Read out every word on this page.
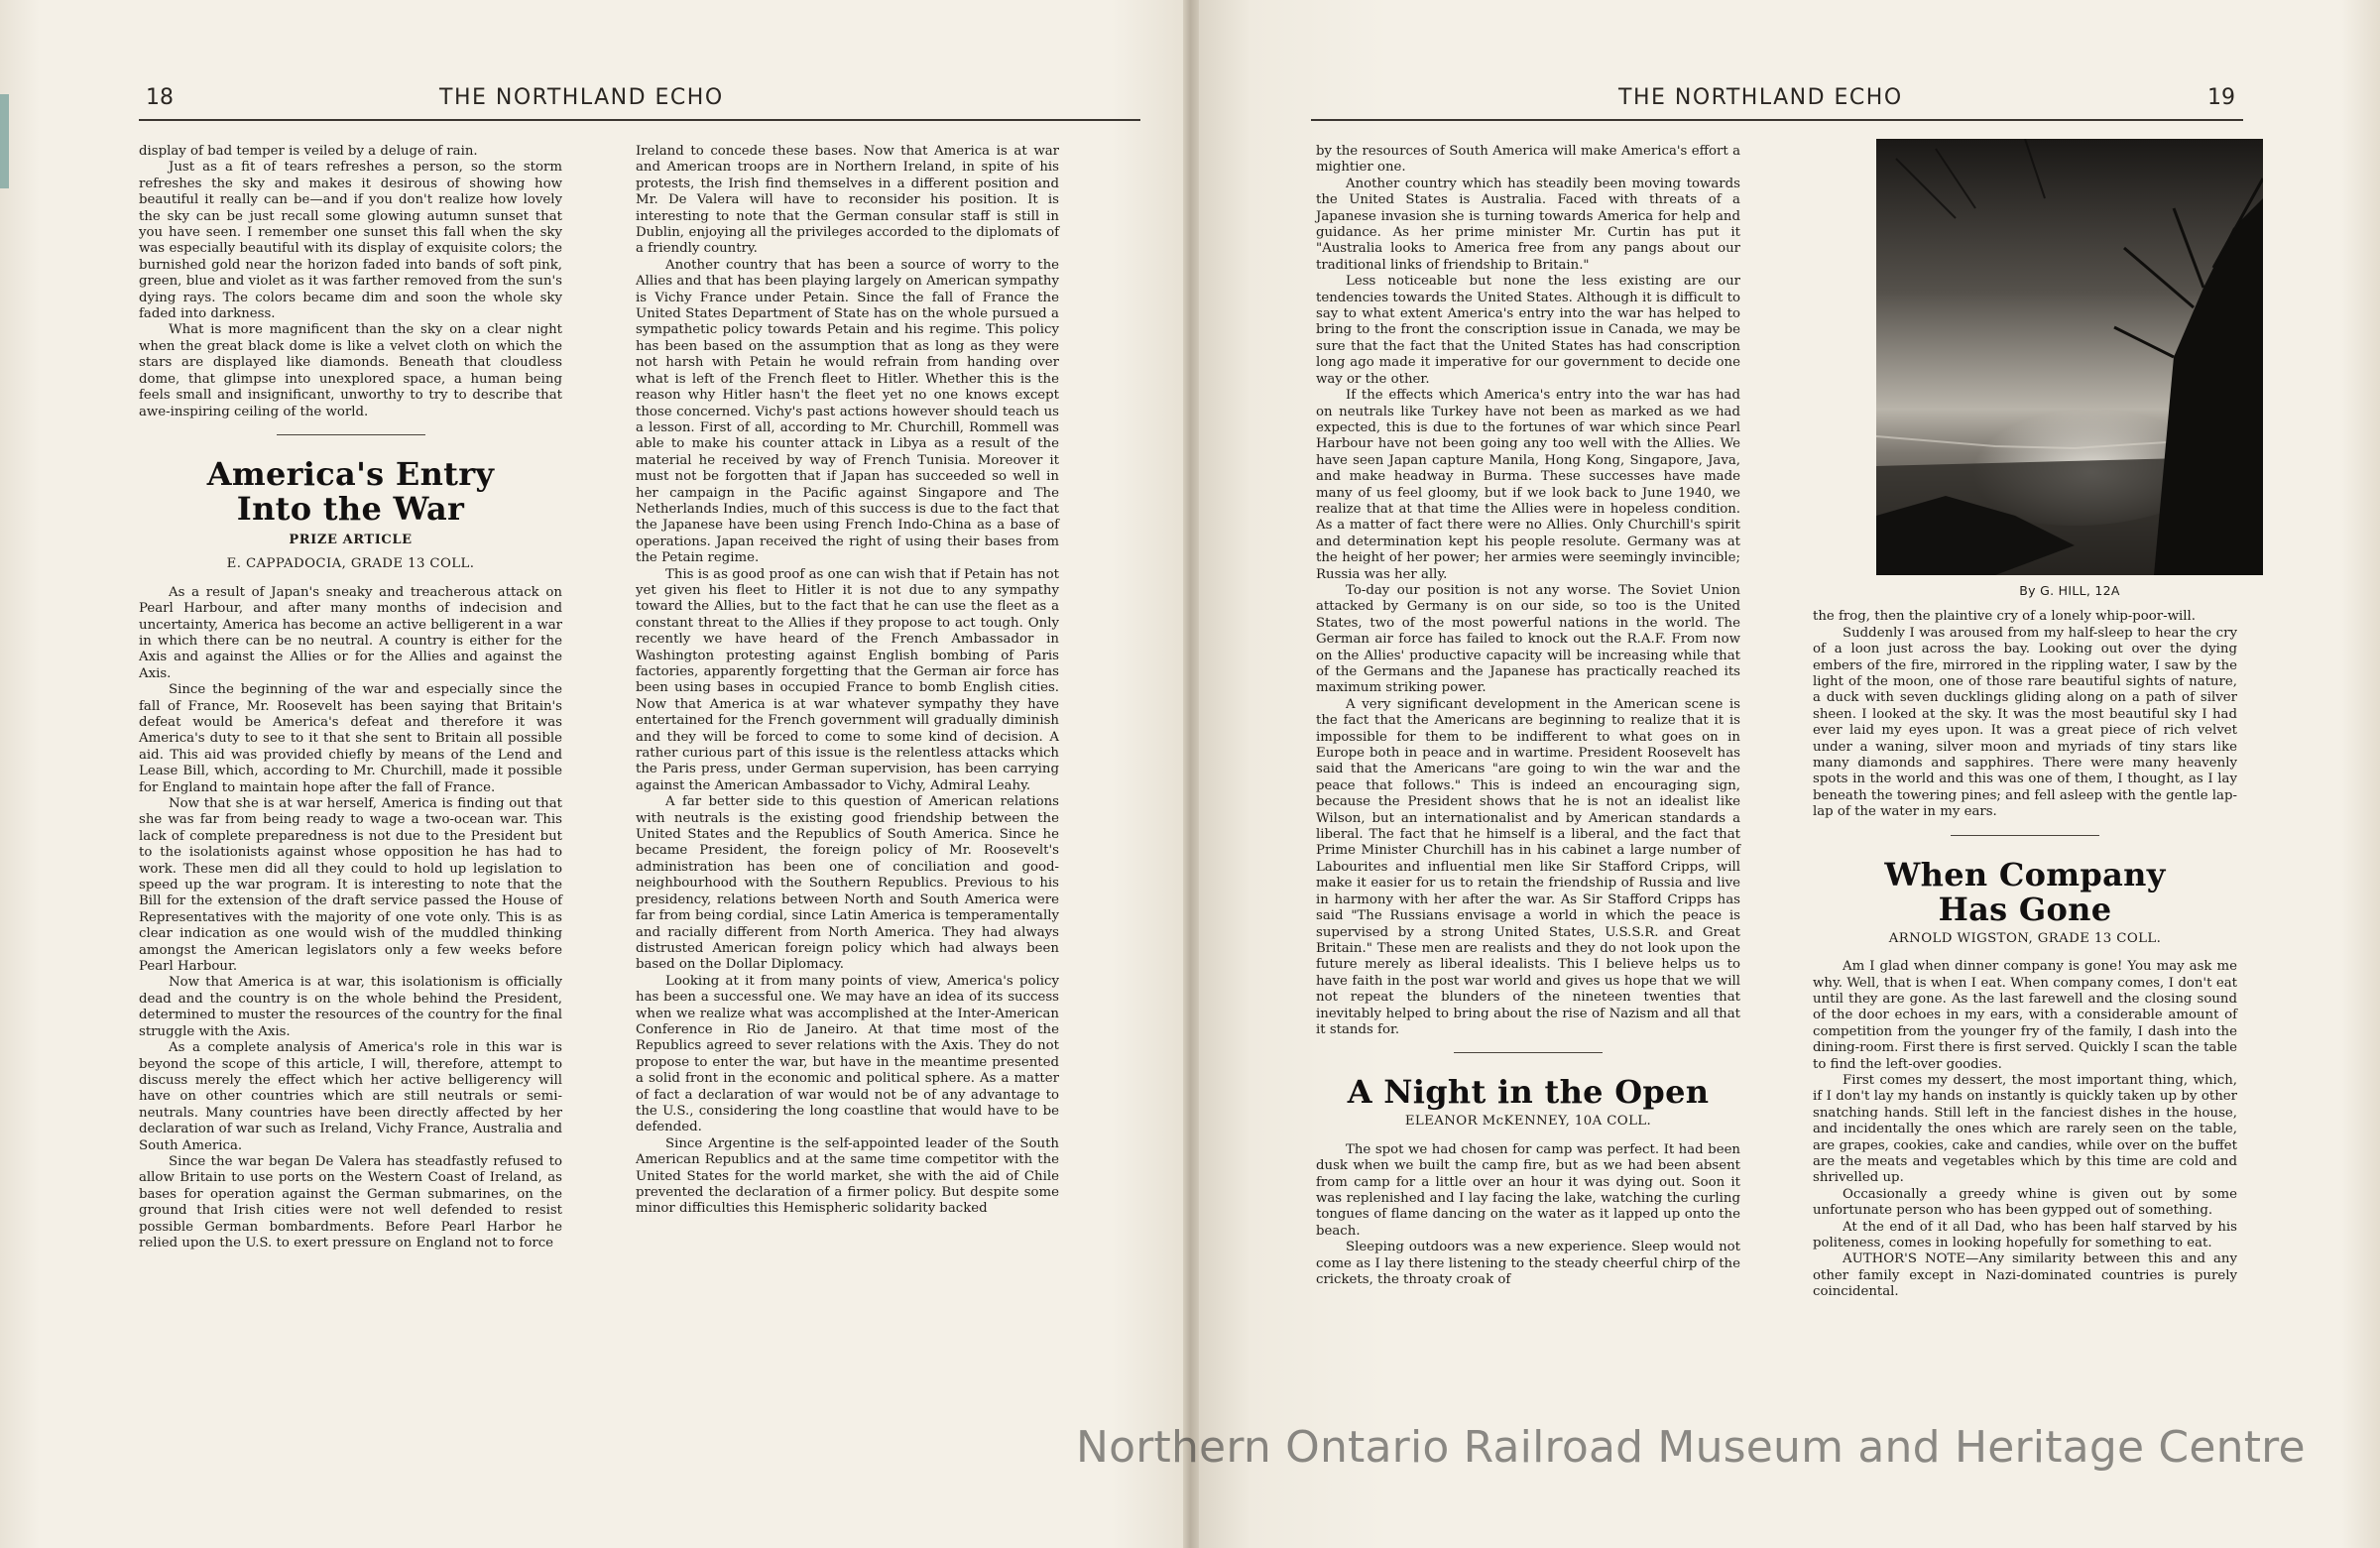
18	THE NORTHLAND ECHO	THE NORTHLAND ECHO	19

display of bad temper is veiled by a deluge of rain.

Just as a fit of tears refreshes a person, so the storm refreshes the sky and makes it desirous of showing how beautiful it really can be—and if you don't realize how lovely the sky can be just recall some glowing autumn sunset that you have seen. I remember one sunset this fall when the sky was especially beautiful with its display of exquisite colors; the burnished gold near the horizon faded into bands of soft pink, green, blue and violet as it was farther removed from the sun's dying rays. The colors became dim and soon the whole sky faded into darkness.

What is more magnificent than the sky on a clear night when the great black dome is like a velvet cloth on which the stars are displayed like diamonds. Beneath that cloudless dome, that glimpse into unexplored space, a human being feels small and insignificant, unworthy to try to describe that awe-inspiring ceiling of the world.

America's Entry
Into the War
PRIZE ARTICLE
E. CAPPADOCIA, GRADE 13 COLL.

As a result of Japan's sneaky and treacherous attack on Pearl Harbour, and after many months of indecision and uncertainty, America has become an active belligerent in a war in which there can be no neutral. A country is either for the Axis and against the Allies or for the Allies and against the Axis.

Since the beginning of the war and especially since the fall of France, Mr. Roosevelt has been saying that Britain's defeat would be America's defeat and therefore it was America's duty to see to it that she sent to Britain all possible aid. This aid was provided chiefly by means of the Lend and Lease Bill, which, according to Mr. Churchill, made it possible for England to maintain hope after the fall of France.

Now that she is at war herself, America is finding out that she was far from being ready to wage a two-ocean war. This lack of complete preparedness is not due to the President but to the isolationists against whose opposition he has had to work. These men did all they could to hold up legislation to speed up the war program. It is interesting to note that the Bill for the extension of the draft service passed the House of Representatives with the majority of one vote only. This is as clear indication as one would wish of the muddled thinking amongst the American legislators only a few weeks before Pearl Harbour.

Now that America is at war, this isolationism is officially dead and the country is on the whole behind the President, determined to muster the resources of the country for the final struggle with the Axis.

As a complete analysis of America's role in this war is beyond the scope of this article, I will, therefore, attempt to discuss merely the effect which her active belligerency will have on other countries which are still neutrals or semi-neutrals. Many countries have been directly affected by her declaration of war such as Ireland, Vichy France, Australia and South America.

Since the war began De Valera has steadfastly refused to allow Britain to use ports on the Western Coast of Ireland, as bases for operation against the German submarines, on the ground that Irish cities were not well defended to resist possible German bombardments. Before Pearl Harbor he relied upon the U.S. to exert pressure on England not to force

Ireland to concede these bases. Now that America is at war and American troops are in Northern Ireland, in spite of his protests, the Irish find themselves in a different position and Mr. De Valera will have to reconsider his position. It is interesting to note that the German consular staff is still in Dublin, enjoying all the privileges accorded to the diplomats of a friendly country.

Another country that has been a source of worry to the Allies and that has been playing largely on American sympathy is Vichy France under Petain. Since the fall of France the United States Department of State has on the whole pursued a sympathetic policy towards Petain and his regime. This policy has been based on the assumption that as long as they were not harsh with Petain he would refrain from handing over what is left of the French fleet to Hitler. Whether this is the reason why Hitler hasn't the fleet yet no one knows except those concerned. Vichy's past actions however should teach us a lesson. First of all, according to Mr. Churchill, Rommell was able to make his counter attack in Libya as a result of the material he received by way of French Tunisia. Moreover it must not be forgotten that if Japan has succeeded so well in her campaign in the Pacific against Singapore and The Netherlands Indies, much of this success is due to the fact that the Japanese have been using French Indo-China as a base of operations. Japan received the right of using their bases from the Petain regime.

This is as good proof as one can wish that if Petain has not yet given his fleet to Hitler it is not due to any sympathy toward the Allies, but to the fact that he can use the fleet as a constant threat to the Allies if they propose to act tough. Only recently we have heard of the French Ambassador in Washington protesting against English bombing of Paris factories, apparently forgetting that the German air force has been using bases in occupied France to bomb English cities. Now that America is at war whatever sympathy they have entertained for the French government will gradually diminish and they will be forced to come to some kind of decision. A rather curious part of this issue is the relentless attacks which the Paris press, under German supervision, has been carrying against the American Ambassador to Vichy, Admiral Leahy.

A far better side to this question of American relations with neutrals is the existing good friendship between the United States and the Republics of South America. Since he became President, the foreign policy of Mr. Roosevelt's administration has been one of conciliation and good-neighbourhood with the Southern Republics. Previous to his presidency, relations between North and South America were far from being cordial, since Latin America is temperamentally and racially different from North America. They had always distrusted American foreign policy which had always been based on the Dollar Diplomacy.

Looking at it from many points of view, America's policy has been a successful one. We may have an idea of its success when we realize what was accomplished at the Inter-American Conference in Rio de Janeiro. At that time most of the Republics agreed to sever relations with the Axis. They do not propose to enter the war, but have in the meantime presented a solid front in the economic and political sphere. As a matter of fact a declaration of war would not be of any advantage to the U.S., considering the long coastline that would have to be defended.

Since Argentine is the self-appointed leader of the South American Republics and at the same time competitor with the United States for the world market, she with the aid of Chile prevented the declaration of a firmer policy. But despite some minor difficulties this Hemispheric solidarity backed

by the resources of South America will make America's effort a mightier one.

Another country which has steadily been moving towards the United States is Australia. Faced with threats of a Japanese invasion she is turning towards America for help and guidance. As her prime minister Mr. Curtin has put it "Australia looks to America free from any pangs about our traditional links of friendship to Britain."

Less noticeable but none the less existing are our tendencies towards the United States. Although it is difficult to say to what extent America's entry into the war has helped to bring to the front the conscription issue in Canada, we may be sure that the fact that the United States has had conscription long ago made it imperative for our government to decide one way or the other.

If the effects which America's entry into the war has had on neutrals like Turkey have not been as marked as we had expected, this is due to the fortunes of war which since Pearl Harbour have not been going any too well with the Allies. We have seen Japan capture Manila, Hong Kong, Singapore, Java, and make headway in Burma. These successes have made many of us feel gloomy, but if we look back to June 1940, we realize that at that time the Allies were in hopeless condition. As a matter of fact there were no Allies. Only Churchill's spirit and determination kept his people resolute. Germany was at the height of her power; her armies were seemingly invincible; Russia was her ally.

To-day our position is not any worse. The Soviet Union attacked by Germany is on our side, so too is the United States, two of the most powerful nations in the world. The German air force has failed to knock out the R.A.F. From now on the Allies' productive capacity will be increasing while that of the Germans and the Japanese has practically reached its maximum striking power.

A very significant development in the American scene is the fact that the Americans are beginning to realize that it is impossible for them to be indifferent to what goes on in Europe both in peace and in wartime. President Roosevelt has said that the Americans "are going to win the war and the peace that follows." This is indeed an encouraging sign, because the President shows that he is not an idealist like Wilson, but an internationalist and by American standards a liberal. The fact that he himself is a liberal, and the fact that Prime Minister Churchill has in his cabinet a large number of Labourites and influential men like Sir Stafford Cripps, will make it easier for us to retain the friendship of Russia and live in harmony with her after the war. As Sir Stafford Cripps has said "The Russians envisage a world in which the peace is supervised by a strong United States, U.S.S.R. and Great Britain." These men are realists and they do not look upon the future merely as liberal idealists. This I believe helps us to have faith in the post war world and gives us hope that we will not repeat the blunders of the nineteen twenties that inevitably helped to bring about the rise of Nazism and all that it stands for.

A Night in the Open
ELEANOR McKENNEY, 10A COLL.

The spot we had chosen for camp was perfect. It had been dusk when we built the camp fire, but as we had been absent from camp for a little over an hour it was dying out. Soon it was replenished and I lay facing the lake, watching the curling tongues of flame dancing on the water as it lapped up onto the beach.

Sleeping outdoors was a new experience. Sleep would not come as I lay there listening to the steady cheerful chirp of the crickets, the throaty croak of

By G. HILL, 12A

the frog, then the plaintive cry of a lonely whip-poor-will.

Suddenly I was aroused from my half-sleep to hear the cry of a loon just across the bay. Looking out over the dying embers of the fire, mirrored in the rippling water, I saw by the light of the moon, one of those rare beautiful sights of nature, a duck with seven ducklings gliding along on a path of silver sheen. I looked at the sky. It was the most beautiful sky I had ever laid my eyes upon. It was a great piece of rich velvet under a waning, silver moon and myriads of tiny stars like many diamonds and sapphires. There were many heavenly spots in the world and this was one of them, I thought, as I lay beneath the towering pines; and fell asleep with the gentle lap-lap of the water in my ears.

When Company
Has Gone
ARNOLD WIGSTON, GRADE 13 COLL.

Am I glad when dinner company is gone! You may ask me why. Well, that is when I eat. When company comes, I don't eat until they are gone. As the last farewell and the closing sound of the door echoes in my ears, with a considerable amount of competition from the younger fry of the family, I dash into the dining-room. First there is first served. Quickly I scan the table to find the left-over goodies.

First comes my dessert, the most important thing, which, if I don't lay my hands on instantly is quickly taken up by other snatching hands. Still left in the fanciest dishes in the house, and incidentally the ones which are rarely seen on the table, are grapes, cookies, cake and candies, while over on the buffet are the meats and vegetables which by this time are cold and shrivelled up.

Occasionally a greedy whine is given out by some unfortunate person who has been gypped out of something.

At the end of it all Dad, who has been half starved by his politeness, comes in looking hopefully for something to eat.

AUTHOR'S NOTE—Any similarity between this and any other family except in Nazi-dominated countries is purely coincidental.

Northern Ontario Railroad Museum and Heritage Centre
